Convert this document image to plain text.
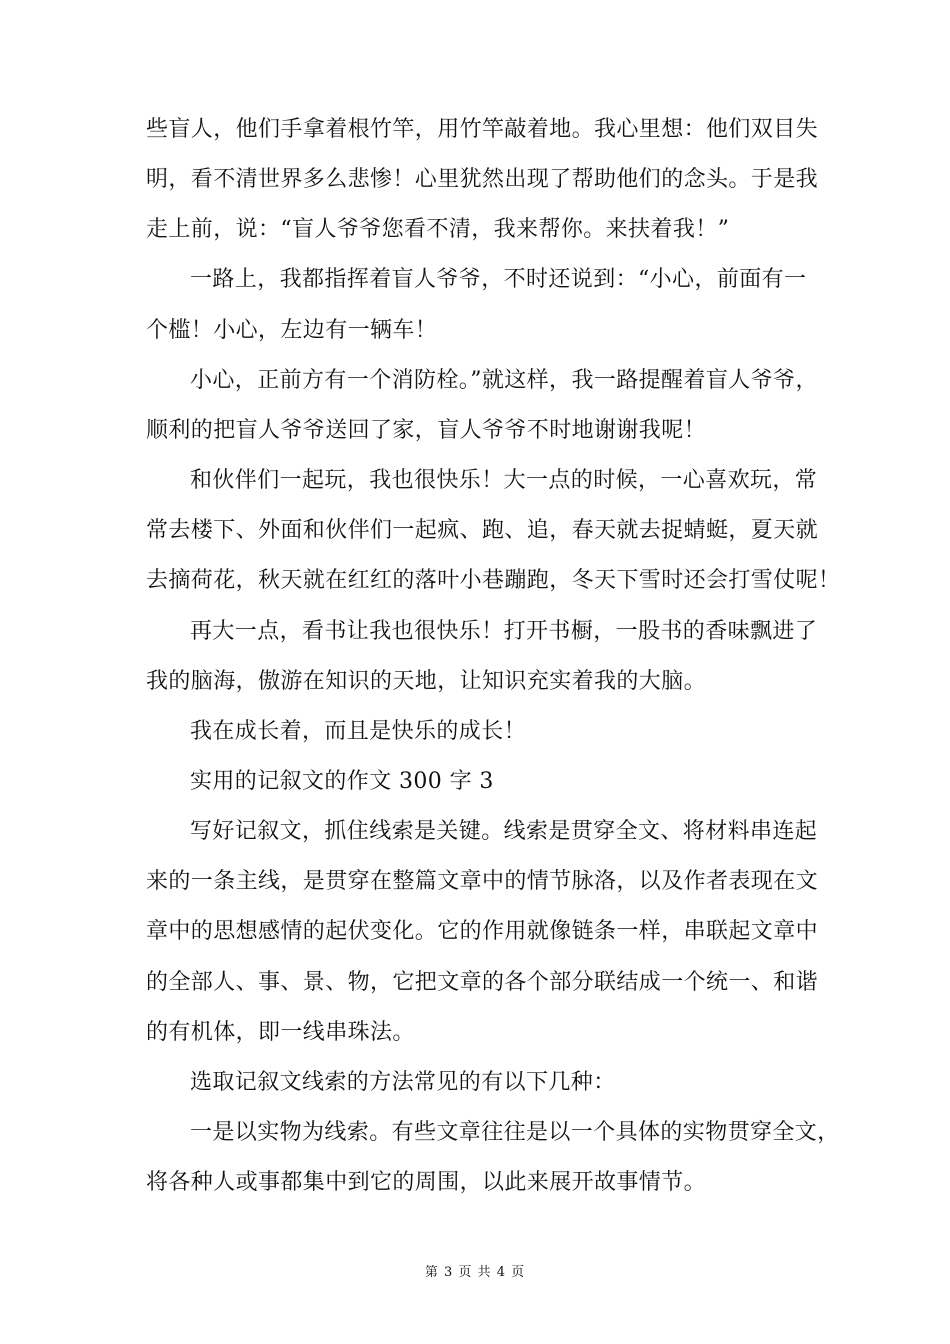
些盲人，他们手拿着根竹竿，用竹竿敲着地。我心里想：他们双目失
明，看不清世界多么悲惨！心里犹然出现了帮助他们的念头。于是我
走上前，说：“盲人爷爷您看不清，我来帮你。来扶着我！”
一路上，我都指挥着盲人爷爷，不时还说到：“小心，前面有一
个槛！小心，左边有一辆车！
小心，正前方有一个消防栓。”就这样，我一路提醒着盲人爷爷，
顺利的把盲人爷爷送回了家，盲人爷爷不时地谢谢我呢！
和伙伴们一起玩，我也很快乐！大一点的时候，一心喜欢玩，常
常去楼下、外面和伙伴们一起疯、跑、追，春天就去捉蜻蜓，夏天就
去摘荷花，秋天就在红红的落叶小巷蹦跑，冬天下雪时还会打雪仗呢！
再大一点，看书让我也很快乐！打开书橱，一股书的香味飘进了
我的脑海，傲游在知识的天地，让知识充实着我的大脑。
我在成长着，而且是快乐的成长！
实用的记叙文的作文 300 字 3
写好记叙文，抓住线索是关键。线索是贯穿全文、将材料串连起
来的一条主线，是贯穿在整篇文章中的情节脉洛，以及作者表现在文
章中的思想感情的起伏变化。它的作用就像链条一样，串联起文章中
的全部人、事、景、物，它把文章的各个部分联结成一个统一、和谐
的有机体，即一线串珠法。
选取记叙文线索的方法常见的有以下几种：
一是以实物为线索。有些文章往往是以一个具体的实物贯穿全文，
将各种人或事都集中到它的周围，以此来展开故事情节。
第 3 页 共 4 页
